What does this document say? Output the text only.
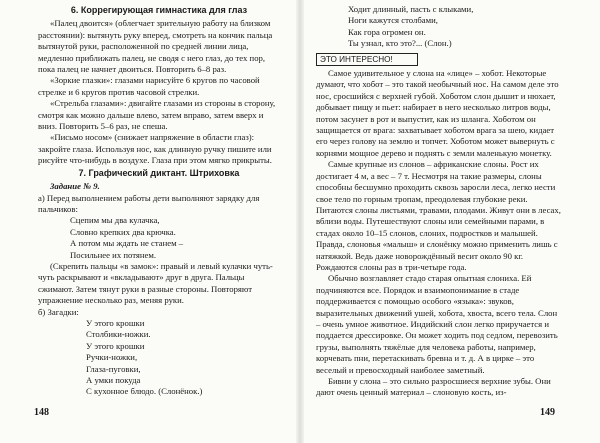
6. Коррегирующая гимнастика для глаз

«Палец двоится» (облегчает зрительную работу на близком расстоянии): вытянуть руку вперед, смотреть на кончик пальца вытянутой руки, расположенной по средней линии лица, медленно приближать палец, не сводя с него глаз, до тех пор, пока палец не начнет двоиться. Повторить 6–8 раз.

«Зоркие глазки»: глазами нарисуйте 6 кругов по часовой стрелке и 6 кругов против часовой стрелки.

«Стрельба глазами»: двигайте глазами из стороны в сторону, смотря как можно дальше влево, затем вправо, затем вверх и вниз. Повторить 5–6 раз, не спеша.

«Письмо носом» (снижает напряжение в области глаз): закройте глаза. Используя нос, как длинную ручку пишите или рисуйте что-нибудь в воздухе. Глаза при этом мягко прикрыты.

7. Графический диктант. Штриховка

Задание № 9.

а) Перед выполнением работы дети выполняют зарядку для пальчиков:

Сцепим мы два кулачка,

Словно крепких два крючка.

А потом мы ждать не станем –

Посильнее их потянем.

(Скрепить пальцы «в замок»: правый и левый кулачки чуть-чуть раскрывают и «вкладывают» друг в друга. Пальцы сжимают. Затем тянут руки в разные стороны. Повторяют упражнение несколько раз, меняя руки.

б) Загадки:

У этого крошки

Столбики-ножки.

У этого крошки

Ручки-ножки,

Глаза-пуговки,

А умки покуда

С кухонное блюдо. (Слонёнок.)

Ходит длинный, пасть с клыками,

Ноги кажутся столбами,

Как гора огромен он.

Ты узнал, кто это?... (Слон.)

ЭТО ИНТЕРЕСНО!

Самое удивительное у слона на «лице» – хобот. Некоторые думают, что хобот – это такой необычный нос. На самом деле это нос, сросшийся с верхней губой. Хоботом слон дышит и нюхает, добывает пищу и пьет: набирает в него несколько литров воды, потом засунет в рот и выпустит, как из шланга. Хоботом он защищается от врага: захватывает хоботом врага за шею, кидает его через голову на землю и топчет. Хоботом может вывернуть с корнями мощное дерево и поднять с земли маленькую монетку.

Самые крупные из слонов – африканские слоны. Рост их достигает 4 м, а вес – 7 т. Несмотря на такие размеры, слоны способны бесшумно проходить сквозь заросли леса, легко нести свое тело по горным тропам, преодолевая глубокие реки. Питаются слоны листьями, травами, плодами. Живут они в лесах, вблизи воды. Путешествуют слоны или семейными парами, в стадах около 10–15 слонов, слоних, подростков и малышей. Правда, слоновья «малыш» и слонёнку можно применить лишь с натяжкой. Ведь даже новорождённый весит около 90 кг. Рождаются слоны раз в три-четыре года.

Обычно возглавляет стадо старая опытная слониха. Ей подчиняются все. Порядок и взаимопонимание в стаде поддерживается с помощью особого «языка»: звуков, выразительных движений ушей, хобота, хвоста, всего тела. Слон – очень умное животное. Индийский слон легко приручается и поддается дрессировке. Он может ходить под седлом, перевозить грузы, выполнять тяжёлые для человека работы, например, корчевать пни, перетаскивать бревна и т. д. А в цирке – это веселый и превосходный наиболее заметный.

Бивни у слона – это сильно разросшиеся верхние зубы. Они дают очень ценный материал – слоновую кость, из-

148	149
